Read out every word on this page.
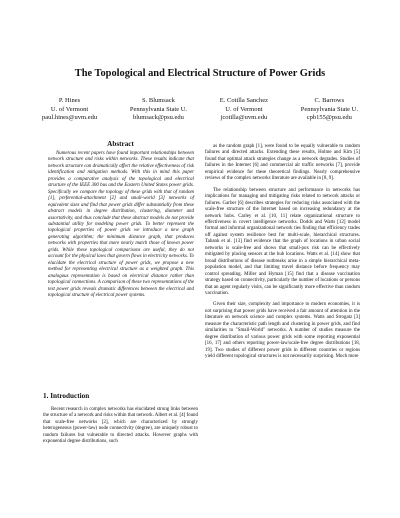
The Topological and Electrical Structure of Power Grids
P. Hines
U. of Vermont
paul.hines@uvm.edu
S. Blumsack
Pennsylvania State U.
blumsack@psu.edu
E. Cotilla Sanchez
U. of Vermont
jcotilla@uvm.edu
C. Barrows
Pennsylvania State U.
cpb155@psu.edu
Abstract
Numerous recent papers have found important relationships between network structure and risks within networks. These results indicate that network structure can dramatically affect the relative effectiveness of risk identification and mitigation methods. With this in mind this paper provides a comparative analysis of the topological and electrical structure of the IEEE 300 bus and the Eastern United States power grids. Specifically we compare the topology of these grids with that of random [1], preferential-attachment [2] and small-world [3] networks of equivalent sizes and find that power grids differ substantially from these abstract models in degree distribution, clustering, diameter and assortativity, and thus conclude that these abstract models do not provide substantial utility for modeling power grids. To better represent the topological properties of power grids we introduce a new graph generating algorithm; the minimum distance graph, that produces networks with properties that more nearly match those of known power grids. While these topological comparisons are useful, they do not account for the physical laws that govern flows in electricity networks. To elucidate the electrical structure of power grids, we propose a new method for representing electrical structure as a weighted graph. This analogous representation is based on electrical distance rather than topological connections. A comparison of these two representations of the test power grids reveals dramatic differences between the electrical and topological structure of electrical power systems.
1. Introduction
Recent research in complex networks has elucidated strong links between the structure of a network and risks within that network. Albert et al. [4] found that scale-free networks [2], which are characterized by strongly heterogeneous (power-law) node connectivity (degree), are uniquely robust to random failures but vulnerable to directed attacks. However graphs with exponential degree distributions, such

as the random graph [1], were found to be equally vulnerable to random failures and directed attacks. Extending these results, Holme and Kim [5] found that optimal attack strategies change as a network degrades. Studies of failures in the Internet [6] and commercial air traffic networks [7], provide empirical evidence for these theoretical findings. Nearly comprehensive reviews of the complex networks literature are available in [8, 9].

The relationship between structure and performance in networks has implications for managing and mitigating risks related to network attacks or failures. Garber [6] describes strategies for reducing risks associated with the scale-free structure of the Internet based on increasing redundancy at the network hubs. Carley et al. [10, 11] relate organizational structure to effectiveness in covert intelligence networks. Dodds and Watts [12] model formal and informal organizational network ties finding that efficiency trades off against system resilience best for multi-scale, hierarchical structures. Tabank et al. [13] find evidence that the graph of locations in urban social networks is scale-free and shows that small-pox risk can be effectively mitigated by placing sensors at the hub locations. Watts et al. [14] show that broad distributions of disease outbreaks arise in a simple hierarchical meta-population model, and that limiting travel distance before frequency may control spreading. Miller and Hyman [15] find that a disease vaccination strategy based on connectivity, particularly the number of locations or persons that an agent regularly visits, can be significantly more effective than random vaccination.

Given their size, complexity and importance to modern economies, it is not surprising that power grids have received a fair amount of attention in the literature on network science and complex systems. Watts and Strogatz [3] measure the characteristic path length and clustering in power grids, and find similarities to "Small-World" networks. A number of studies measure the degree distribution of various power grids with some reporting exponential [16, 17] and others reporting power-law/scale-free degree distributions [18, 19]. Two studies of different power grids in different countries or regions yield different topological structures is not necessarily surprising. Much more
